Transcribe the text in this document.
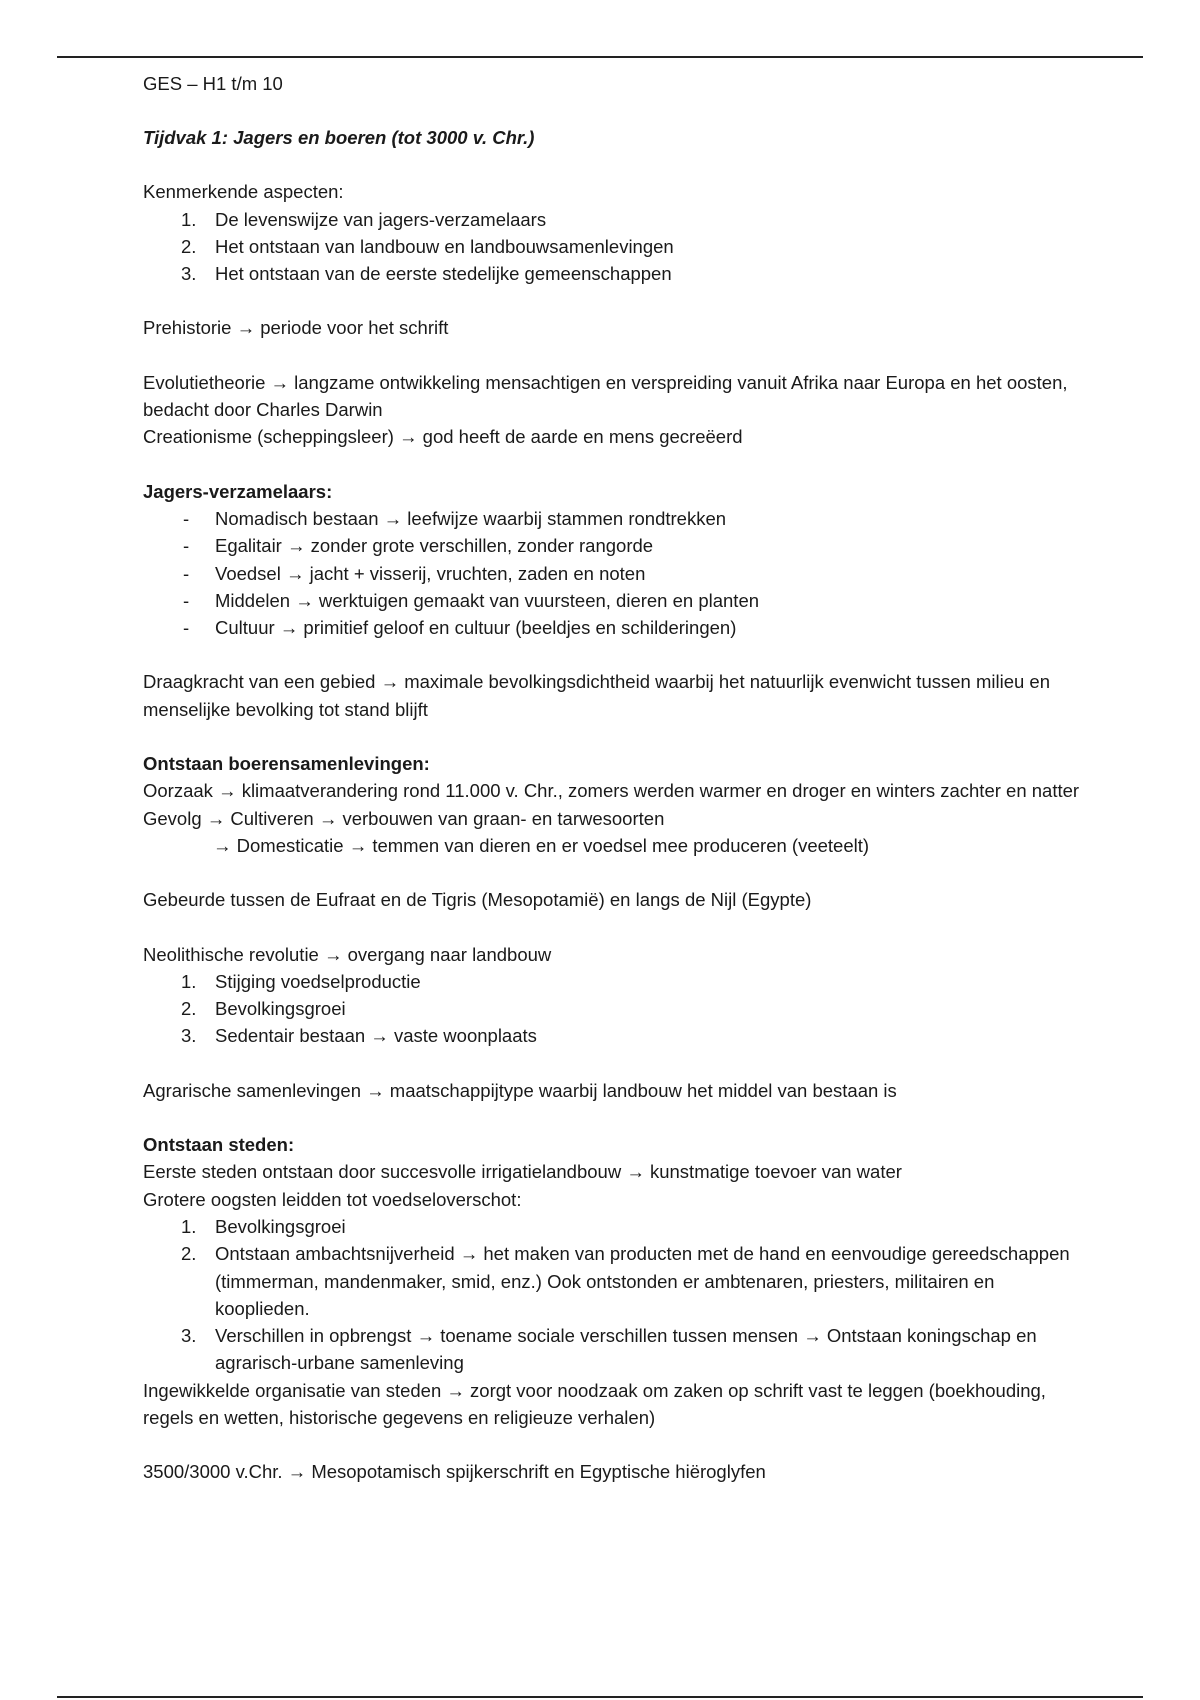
GES – H1 t/m 10

Tijdvak 1: Jagers en boeren (tot 3000 v. Chr.)

Kenmerkende aspecten:

1. De levenswijze van jagers-verzamelaars
2. Het ontstaan van landbouw en landbouwsamenlevingen
3. Het ontstaan van de eerste stedelijke gemeenschappen

Prehistorie → periode voor het schrift

Evolutietheorie → langzame ontwikkeling mensachtigen en verspreiding vanuit Afrika naar Europa en het oosten, bedacht door Charles Darwin

Creationisme (scheppingsleer) → god heeft de aarde en mens gecreëerd

Jagers-verzamelaars:

- Nomadisch bestaan → leefwijze waarbij stammen rondtrekken
- Egalitair → zonder grote verschillen, zonder rangorde
- Voedsel → jacht + visserij, vruchten, zaden en noten
- Middelen → werktuigen gemaakt van vuursteen, dieren en planten
- Cultuur → primitief geloof en cultuur (beeldjes en schilderingen)

Draagkracht van een gebied → maximale bevolkingsdichtheid waarbij het natuurlijk evenwicht tussen milieu en menselijke bevolking tot stand blijft

Ontstaan boerensamenlevingen:

Oorzaak → klimaatverandering rond 11.000 v. Chr., zomers werden warmer en droger en winters zachter en natter

Gevolg → Cultiveren → verbouwen van graan- en tarwesoorten

→ Domesticatie → temmen van dieren en er voedsel mee produceren (veeteelt)

Gebeurde tussen de Eufraat en de Tigris (Mesopotamië) en langs de Nijl (Egypte)

Neolithische revolutie → overgang naar landbouw

1. Stijging voedselproductie
2. Bevolkingsgroei
3. Sedentair bestaan → vaste woonplaats

Agrarische samenlevingen → maatschappijtype waarbij landbouw het middel van bestaan is

Ontstaan steden:

Eerste steden ontstaan door succesvolle irrigatielandbouw → kunstmatige toevoer van water

Grotere oogsten leidden tot voedseloverschot:

1. Bevolkingsgroei
2. Ontstaan ambachtsnijverheid → het maken van producten met de hand en eenvoudige gereedschappen (timmerman, mandenmaker, smid, enz.) Ook ontstonden er ambtenaren, priesters, militairen en kooplieden.
3. Verschillen in opbrengst → toename sociale verschillen tussen mensen → Ontstaan koningschap en agrarisch-urbane samenleving

Ingewikkelde organisatie van steden → zorgt voor noodzaak om zaken op schrift vast te leggen (boekhouding, regels en wetten, historische gegevens en religieuze verhalen)

3500/3000 v.Chr. → Mesopotamisch spijkerschrift en Egyptische hiëroglyfen
